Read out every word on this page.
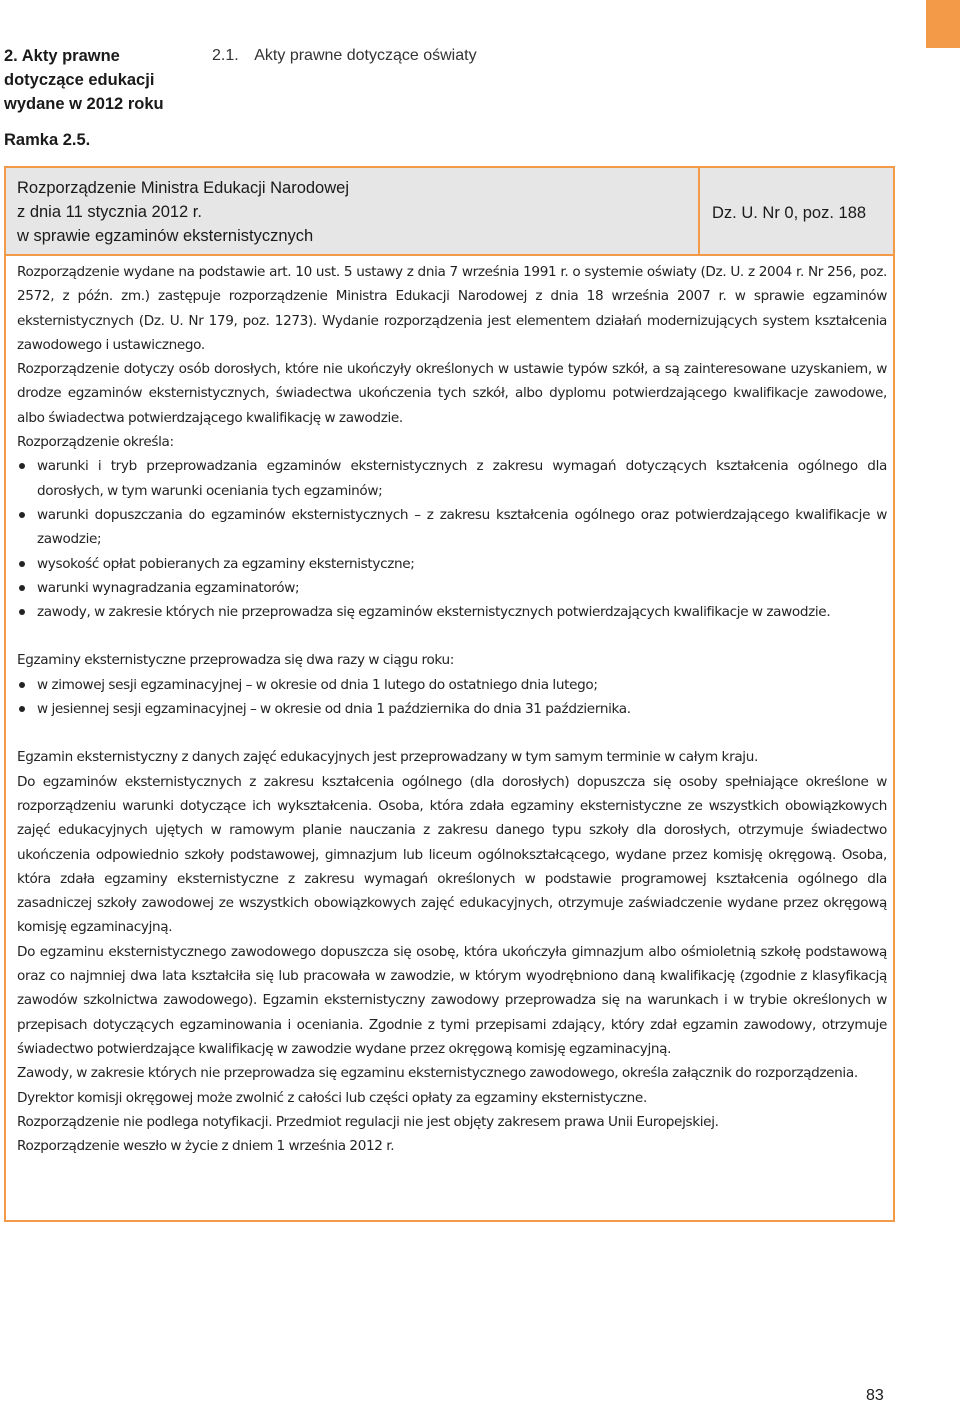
2. Akty prawne
dotyczące edukacji
wydane w 2012 roku
2.1. Akty prawne dotyczące oświaty
Ramka 2.5.
Rozporządzenie Ministra Edukacji Narodowej
z dnia 11 stycznia 2012 r.
w sprawie egzaminów eksternistycznych
Dz. U. Nr 0, poz. 188

Rozporządzenie wydane na podstawie art. 10 ust. 5 ustawy z dnia 7 września 1991 r. o systemie oświaty (Dz. U. z 2004 r. Nr 256, poz. 2572, z późn. zm.) zastępuje rozporządzenie Ministra Edukacji Narodowej z dnia 18 września 2007 r. w sprawie egzaminów eksternistycznych (Dz. U. Nr 179, poz. 1273). Wydanie rozporządzenia jest elementem działań modernizujących system kształcenia zawodowego i ustawicznego.

Rozporządzenie dotyczy osób dorosłych, które nie ukończyły określonych w ustawie typów szkół, a są zainteresowane uzyskaniem, w drodze egzaminów eksternistycznych, świadectwa ukończenia tych szkół, albo dyplomu potwierdzającego kwalifikacje zawodowe, albo świadectwa potwierdzającego kwalifikację w zawodzie.

Rozporządzenie określa:

warunki i tryb przeprowadzania egzaminów eksternistycznych z zakresu wymagań dotyczących kształcenia ogólnego dla dorosłych, w tym warunki oceniania tych egzaminów;
warunki dopuszczania do egzaminów eksternistycznych – z zakresu kształcenia ogólnego oraz potwierdzającego kwalifikacje w zawodzie;
wysokość opłat pobieranych za egzaminy eksternistyczne;
warunki wynagradzania egzaminatorów;
zawody, w zakresie których nie przeprowadza się egzaminów eksternistycznych potwierdzających kwalifikacje w zawodzie.

Egzaminy eksternistyczne przeprowadza się dwa razy w ciągu roku:

w zimowej sesji egzaminacyjnej – w okresie od dnia 1 lutego do ostatniego dnia lutego;
w jesiennej sesji egzaminacyjnej – w okresie od dnia 1 października do dnia 31 października.

Egzamin eksternistyczny z danych zajęć edukacyjnych jest przeprowadzany w tym samym terminie w całym kraju.

Do egzaminów eksternistycznych z zakresu kształcenia ogólnego (dla dorosłych) dopuszcza się osoby spełniające określone w rozporządzeniu warunki dotyczące ich wykształcenia. Osoba, która zdała egzaminy eksternistyczne ze wszystkich obowiązkowych zajęć edukacyjnych ujętych w ramowym planie nauczania z zakresu danego typu szkoły dla dorosłych, otrzymuje świadectwo ukończenia odpowiednio szkoły podstawowej, gimnazjum lub liceum ogólnokształcącego, wydane przez komisję okręgową. Osoba, która zdała egzaminy eksternistyczne z zakresu wymagań określonych w podstawie programowej kształcenia ogólnego dla zasadniczej szkoły zawodowej ze wszystkich obowiązkowych zajęć edukacyjnych, otrzymuje zaświadczenie wydane przez okręgową komisję egzaminacyjną.

Do egzaminu eksternistycznego zawodowego dopuszcza się osobę, która ukończyła gimnazjum albo ośmioletnią szkołę podstawową oraz co najmniej dwa lata kształciła się lub pracowała w zawodzie, w którym wyodrębniono daną kwalifikację (zgodnie z klasyfikacją zawodów szkolnictwa zawodowego). Egzamin eksternistyczny zawodowy przeprowadza się na warunkach i w trybie określonych w przepisach dotyczących egzaminowania i oceniania. Zgodnie z tymi przepisami zdający, który zdał egzamin zawodowy, otrzymuje świadectwo potwierdzające kwalifikację w zawodzie wydane przez okręgową komisję egzaminacyjną.

Zawody, w zakresie których nie przeprowadza się egzaminu eksternistycznego zawodowego, określa załącznik do rozporządzenia.

Dyrektor komisji okręgowej może zwolnić z całości lub części opłaty za egzaminy eksternistyczne.

Rozporządzenie nie podlega notyfikacji. Przedmiot regulacji nie jest objęty zakresem prawa Unii Europejskiej.

Rozporządzenie weszło w życie z dniem 1 września 2012 r.

83
